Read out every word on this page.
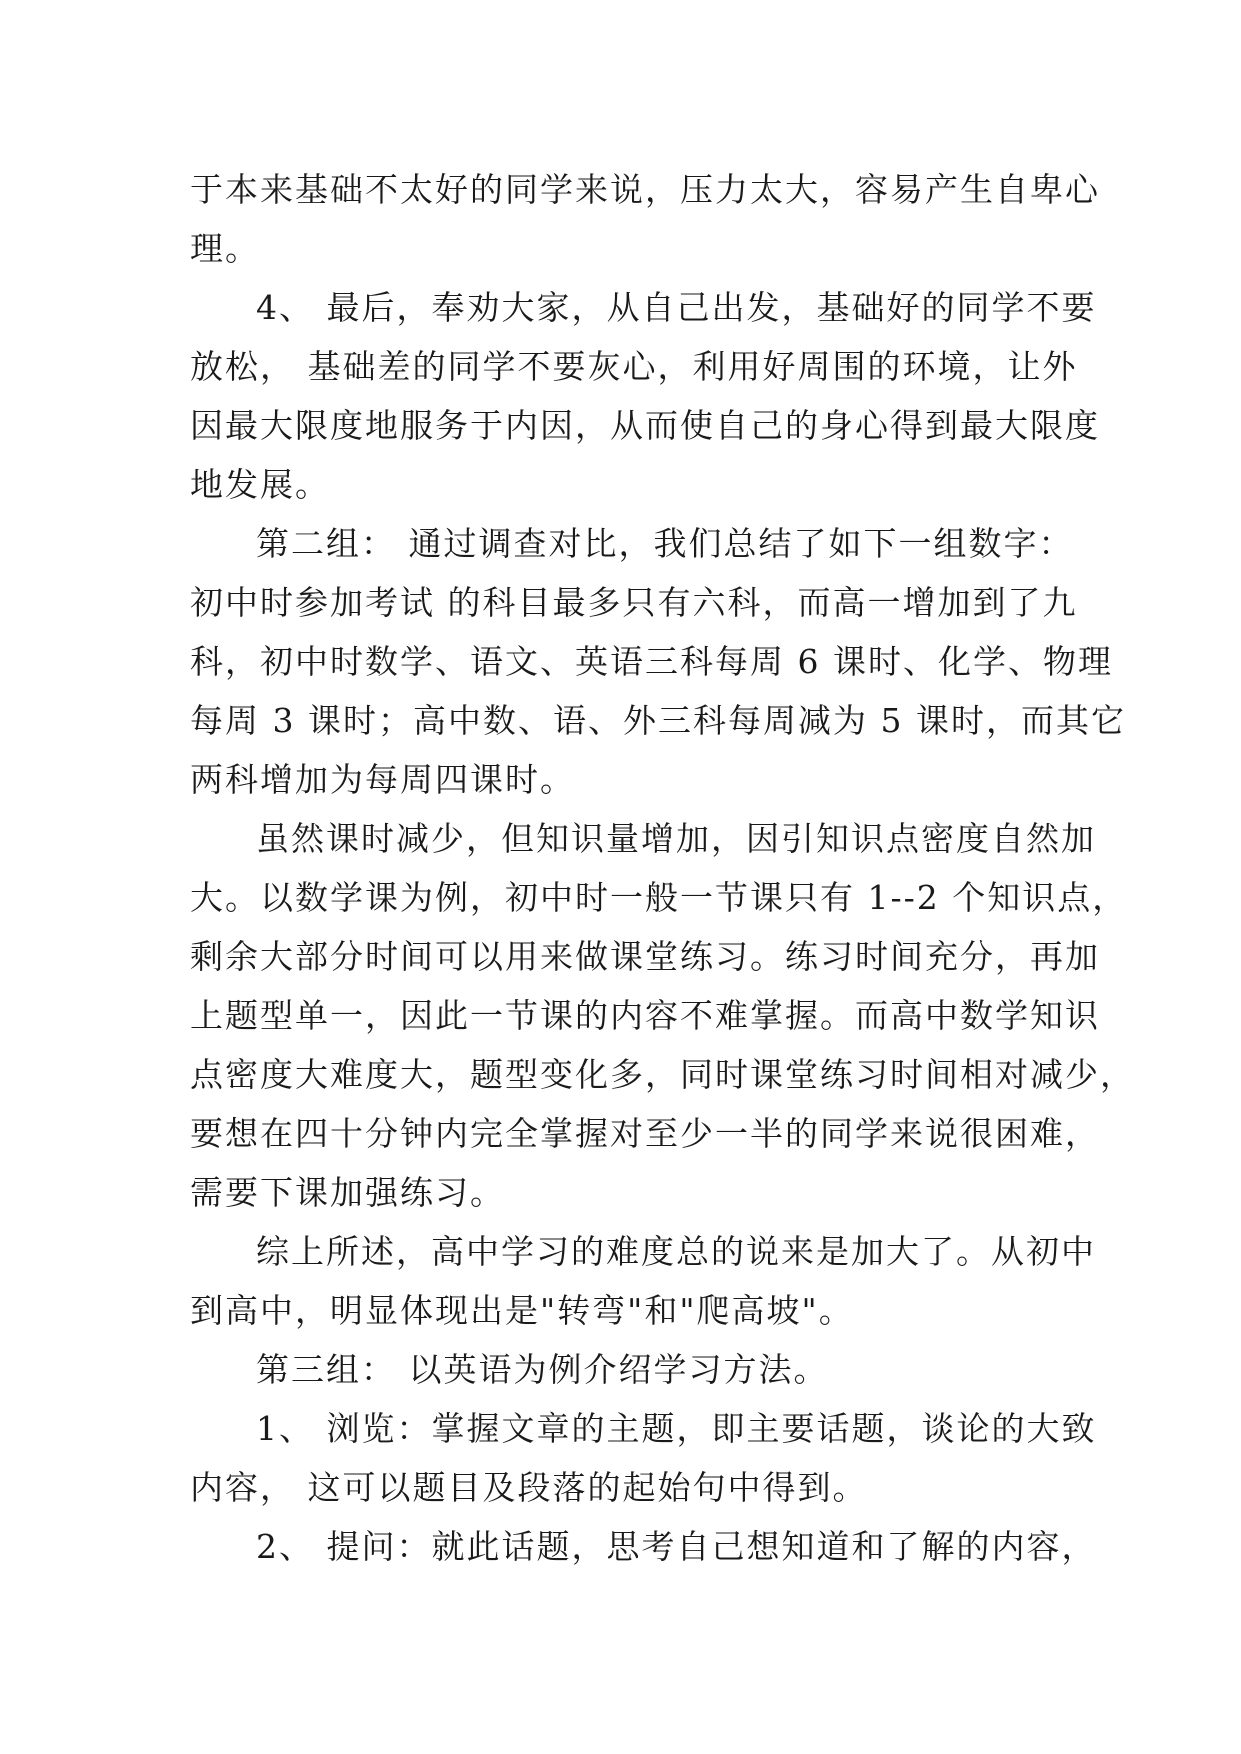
于本来基础不太好的同学来说，压力太大，容易产生自卑心
理。

4、 最后，奉劝大家，从自己出发，基础好的同学不要
放松， 基础差的同学不要灰心，利用好周围的环境，让外
因最大限度地服务于内因，从而使自己的身心得到最大限度
地发展。

第二组： 通过调查对比，我们总结了如下一组数字：
初中时参加考试 的科目最多只有六科，而高一增加到了九
科，初中时数学、语文、英语三科每周 6 课时、化学、物理
每周 3 课时；高中数、语、外三科每周减为 5 课时，而其它
两科增加为每周四课时。

虽然课时减少，但知识量增加，因引知识点密度自然加
大。以数学课为例，初中时一般一节课只有 1--2 个知识点，
剩余大部分时间可以用来做课堂练习。练习时间充分，再加
上题型单一，因此一节课的内容不难掌握。而高中数学知识
点密度大难度大，题型变化多，同时课堂练习时间相对减少，
要想在四十分钟内完全掌握对至少一半的同学来说很困难，
需要下课加强练习。

综上所述，高中学习的难度总的说来是加大了。从初中
到高中，明显体现出是"转弯"和"爬高坡"。

第三组： 以英语为例介绍学习方法。

1、 浏览：掌握文章的主题，即主要话题，谈论的大致
内容， 这可以题目及段落的起始句中得到。

2、 提问：就此话题，思考自己想知道和了解的内容，
